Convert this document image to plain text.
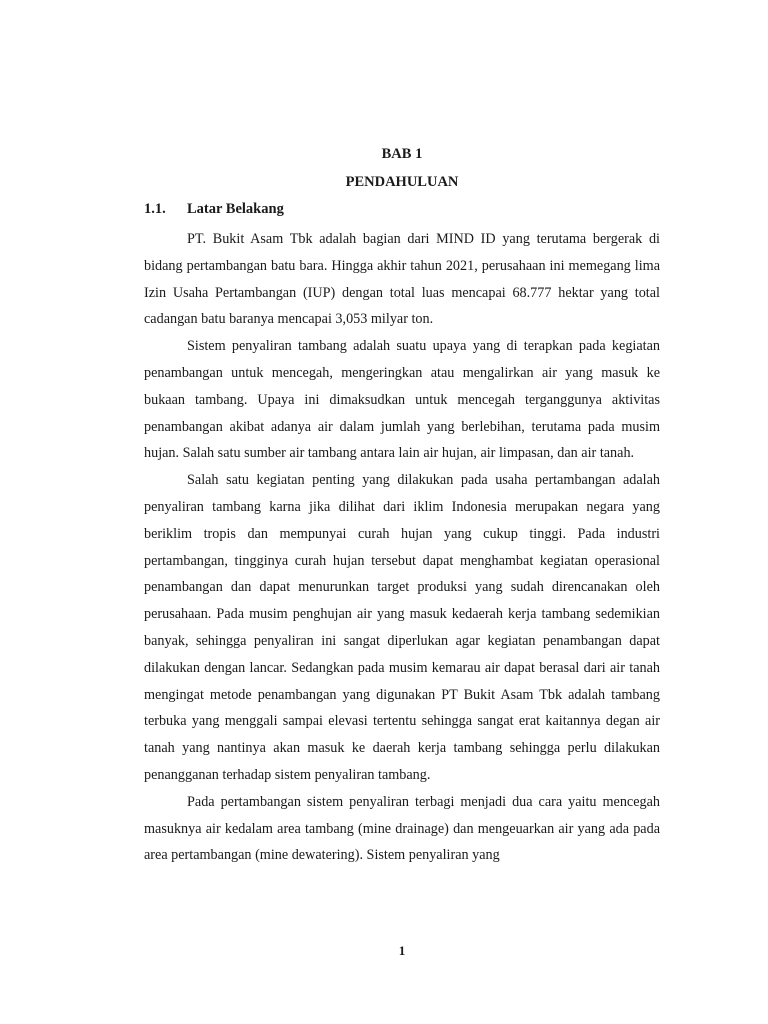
BAB 1
PENDAHULUAN
1.1. Latar Belakang

PT. Bukit Asam Tbk adalah bagian dari MIND ID yang terutama bergerak di bidang pertambangan batu bara. Hingga akhir tahun 2021, perusahaan ini memegang lima Izin Usaha Pertambangan (IUP) dengan total luas mencapai 68.777 hektar yang total cadangan batu baranya mencapai 3,053 milyar ton.

Sistem penyaliran tambang adalah suatu upaya yang di terapkan pada kegiatan penambangan untuk mencegah, mengeringkan atau mengalirkan air yang masuk ke bukaan tambang. Upaya ini dimaksudkan untuk mencegah terganggunya aktivitas penambangan akibat adanya air dalam jumlah yang berlebihan, terutama pada musim hujan. Salah satu sumber air tambang antara lain air hujan, air limpasan, dan air tanah.

Salah satu kegiatan penting yang dilakukan pada usaha pertambangan adalah penyaliran tambang karna jika dilihat dari iklim Indonesia merupakan negara yang beriklim tropis dan mempunyai curah hujan yang cukup tinggi. Pada industri pertambangan, tingginya curah hujan tersebut dapat menghambat kegiatan operasional penambangan dan dapat menurunkan target produksi yang sudah direncanakan oleh perusahaan. Pada musim penghujan air yang masuk kedaerah kerja tambang sedemikian banyak, sehingga penyaliran ini sangat diperlukan agar kegiatan penambangan dapat dilakukan dengan lancar. Sedangkan pada musim kemarau air dapat berasal dari air tanah mengingat metode penambangan yang digunakan PT Bukit Asam Tbk adalah tambang terbuka yang menggali sampai elevasi tertentu sehingga sangat erat kaitannya degan air tanah yang nantinya akan masuk ke daerah kerja tambang sehingga perlu dilakukan penangganan terhadap sistem penyaliran tambang.

Pada pertambangan sistem penyaliran terbagi menjadi dua cara yaitu mencegah masuknya air kedalam area tambang (mine drainage) dan mengeuarkan air yang ada pada area pertambangan (mine dewatering). Sistem penyaliran yang

1
